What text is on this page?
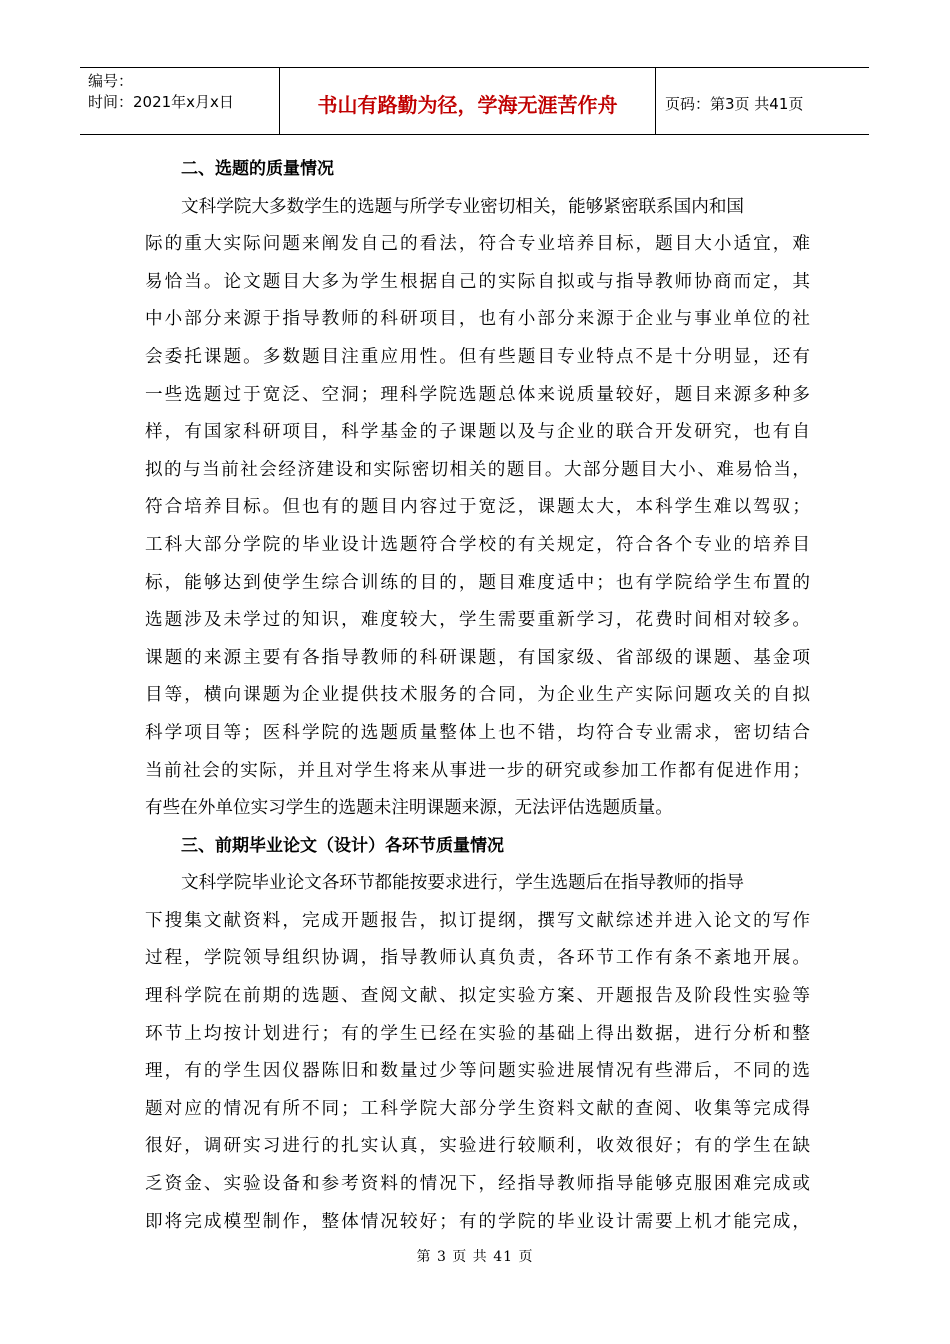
编号：
时间：2021年x月x日	书山有路勤为径，学海无涯苦作舟	页码：第3页 共41页
二、选题的质量情况
文科学院大多数学生的选题与所学专业密切相关，能够紧密联系国内和国
际的重大实际问题来阐发自己的看法，符合专业培养目标，题目大小适宜，难
易恰当。论文题目大多为学生根据自己的实际自拟或与指导教师协商而定，其
中小部分来源于指导教师的科研项目，也有小部分来源于企业与事业单位的社
会委托课题。多数题目注重应用性。但有些题目专业特点不是十分明显，还有
一些选题过于宽泛、空洞；理科学院选题总体来说质量较好，题目来源多种多
样，有国家科研项目，科学基金的子课题以及与企业的联合开发研究，也有自
拟的与当前社会经济建设和实际密切相关的题目。大部分题目大小、难易恰当，
符合培养目标。但也有的题目内容过于宽泛，课题太大，本科学生难以驾驭；
工科大部分学院的毕业设计选题符合学校的有关规定，符合各个专业的培养目
标，能够达到使学生综合训练的目的，题目难度适中；也有学院给学生布置的
选题涉及未学过的知识，难度较大，学生需要重新学习，花费时间相对较多。
课题的来源主要有各指导教师的科研课题，有国家级、省部级的课题、基金项
目等，横向课题为企业提供技术服务的合同，为企业生产实际问题攻关的自拟
科学项目等；医科学院的选题质量整体上也不错，均符合专业需求，密切结合
当前社会的实际，并且对学生将来从事进一步的研究或参加工作都有促进作用；
有些在外单位实习学生的选题未注明课题来源，无法评估选题质量。
三、前期毕业论文（设计）各环节质量情况
文科学院毕业论文各环节都能按要求进行，学生选题后在指导教师的指导
下搜集文献资料，完成开题报告，拟订提纲，撰写文献综述并进入论文的写作
过程，学院领导组织协调，指导教师认真负责，各环节工作有条不紊地开展。
理科学院在前期的选题、查阅文献、拟定实验方案、开题报告及阶段性实验等
环节上均按计划进行；有的学生已经在实验的基础上得出数据，进行分析和整
理，有的学生因仪器陈旧和数量过少等问题实验进展情况有些滞后，不同的选
题对应的情况有所不同；工科学院大部分学生资料文献的查阅、收集等完成得
很好，调研实习进行的扎实认真，实验进行较顺利，收效很好；有的学生在缺
乏资金、实验设备和参考资料的情况下，经指导教师指导能够克服困难完成或
即将完成模型制作，整体情况较好；有的学院的毕业设计需要上机才能完成，
第 3 页 共 41 页
